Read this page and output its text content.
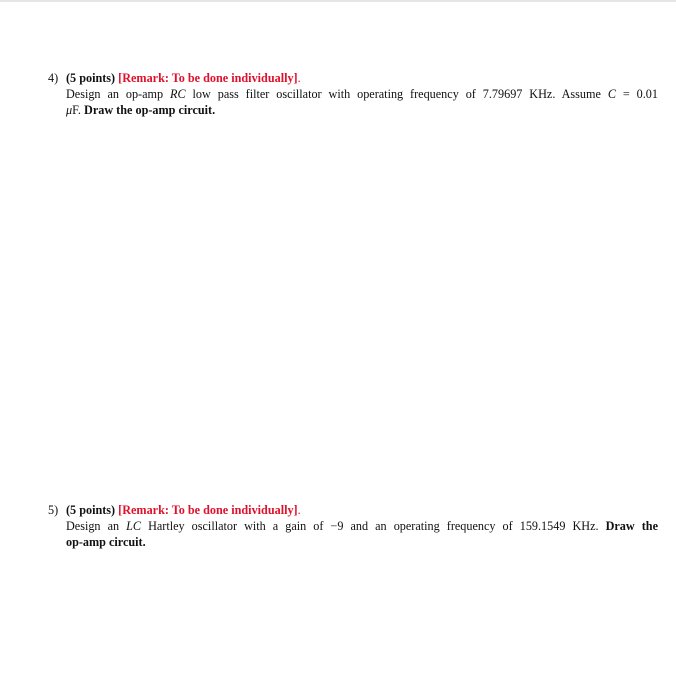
4) (5 points) [Remark: To be done individually].
Design an op-amp RC low pass filter oscillator with operating frequency of 7.79697 KHz. Assume C = 0.01
μF. Draw the op-amp circuit.
5) (5 points) [Remark: To be done individually].
Design an LC Hartley oscillator with a gain of −9 and an operating frequency of 159.1549 KHz. Draw the
op-amp circuit.
